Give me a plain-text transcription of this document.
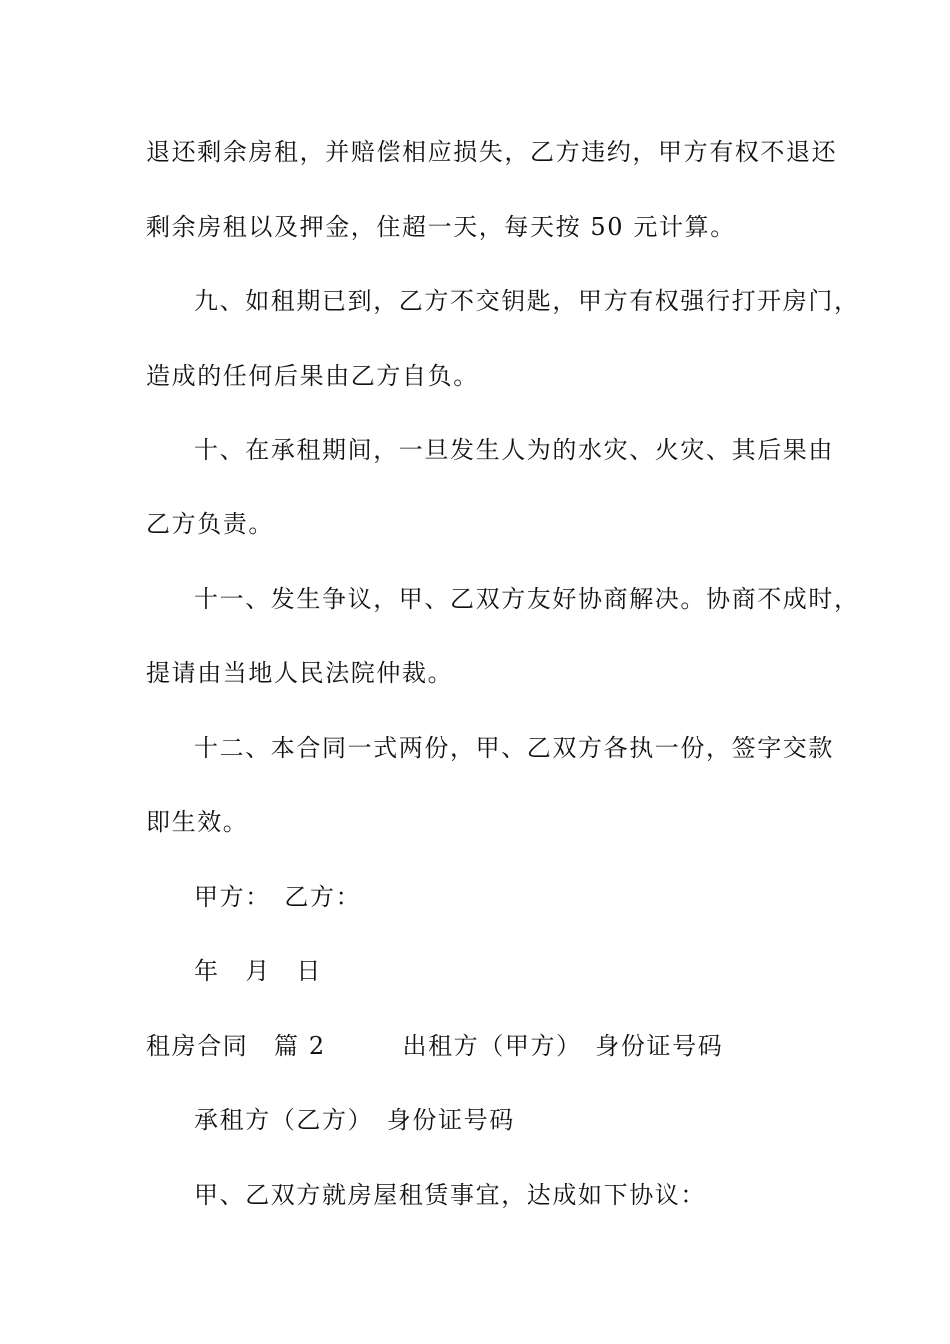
退还剩余房租，并赔偿相应损失，乙方违约，甲方有权不退还
剩余房租以及押金，住超一天，每天按 50 元计算。
九、如租期已到，乙方不交钥匙，甲方有权强行打开房门，
造成的任何后果由乙方自负。
十、在承租期间，一旦发生人为的水灾、火灾、其后果由
乙方负责。
十一、发生争议，甲、乙双方友好协商解决。协商不成时，
提请由当地人民法院仲裁。
十二、本合同一式两份，甲、乙双方各执一份，签字交款
即生效。
甲方：　乙方：
年　月　日
租房合同　篇 2　　　出租方（甲方）　身份证号码
承租方（乙方）　身份证号码
甲、乙双方就房屋租赁事宜，达成如下协议：
